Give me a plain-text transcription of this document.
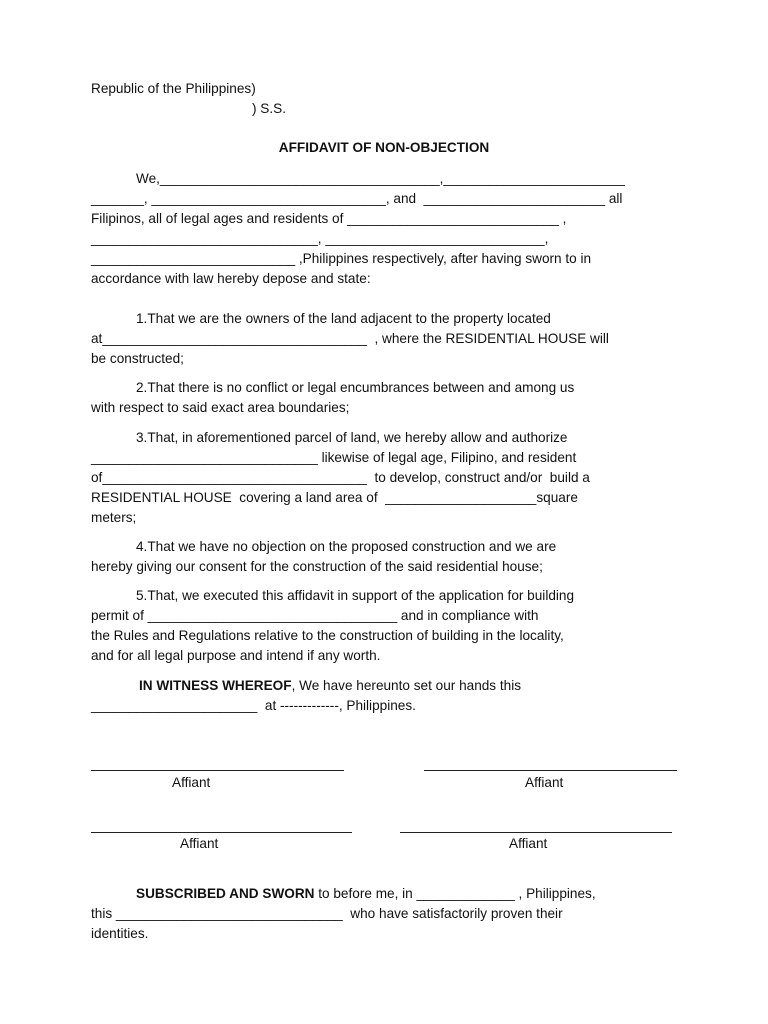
Republic of the Philippines)
) S.S.
AFFIDAVIT OF NON-OBJECTION
We,_____________________________________,________________________
_______, _______________________________, and  ________________________ all
Filipinos, all of legal ages and residents of ____________________________ ,
______________________________, _____________________________,
___________________________ ,Philippines respectively, after having sworn to in
accordance with law hereby depose and state:
1.That we are the owners of the land adjacent to the property located
at___________________________________  , where the RESIDENTIAL HOUSE will
be constructed;
2.That there is no conflict or legal encumbrances between and among us
with respect to said exact area boundaries;
3.That, in aforementioned parcel of land, we hereby allow and authorize
______________________________ likewise of legal age, Filipino, and resident
of___________________________________  to develop, construct and/or  build a
RESIDENTIAL HOUSE  covering a land area of  ____________________square
meters;
4.That we have no objection on the proposed construction and we are
hereby giving our consent for the construction of the said residential house;
5.That, we executed this affidavit in support of the application for building
permit of _________________________________ and in compliance with
the Rules and Regulations relative to the construction of building in the locality,
and for all legal purpose and intend if any worth.
IN WITNESS WHEREOF, We have hereunto set our hands this
______________________  at -------------, Philippines.
Affiant	Affiant
Affiant	Affiant
SUBSCRIBED AND SWORN to before me, in _____________ , Philippines,
this ______________________________  who have satisfactorily proven their
identities.
